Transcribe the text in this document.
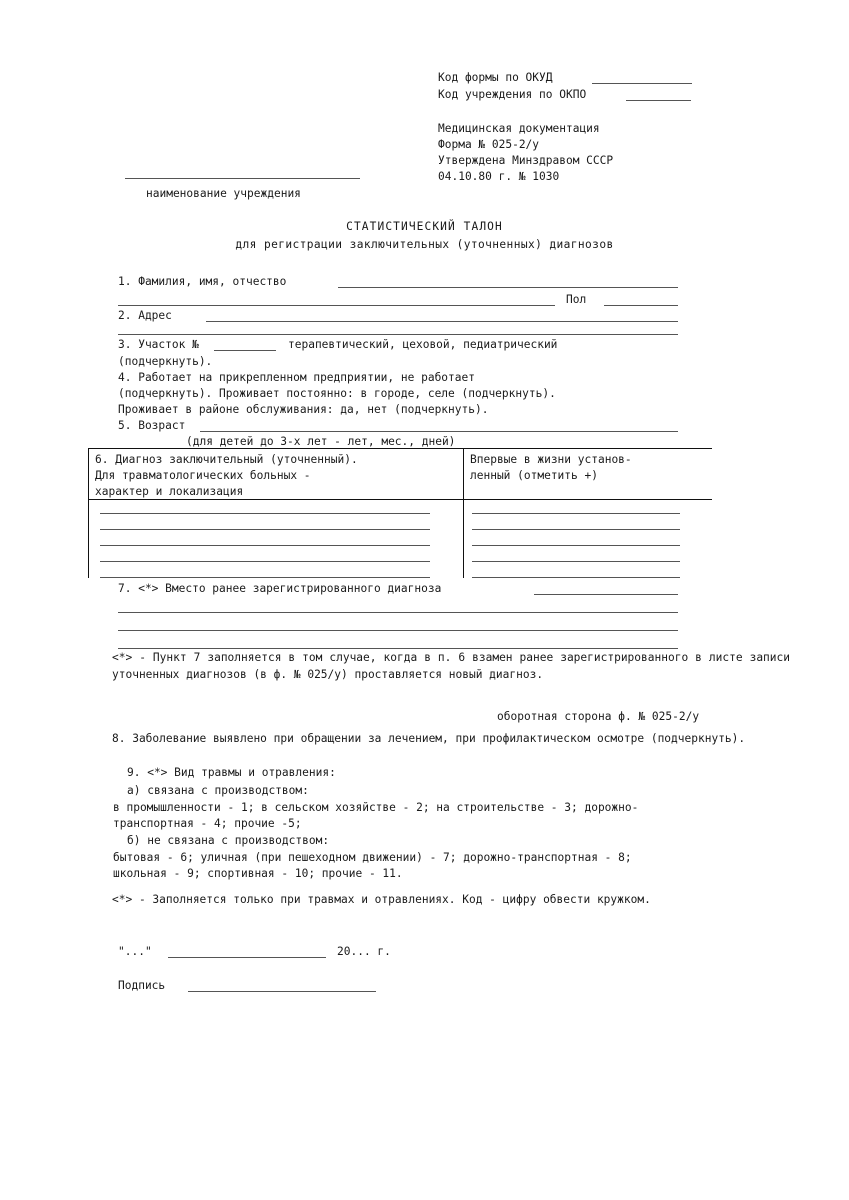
Код формы по ОКУД
Код учреждения по ОКПО
Медицинская документация
Форма № 025-2/у
Утверждена Минздравом СССР
04.10.80 г. № 1030
наименование учреждения
СТАТИСТИЧЕСКИЙ ТАЛОН
для регистрации заключительных (уточненных) диагнозов
1. Фамилия, имя, отчество
Пол
2. Адрес
3. Участок №	терапевтический, цеховой, педиатрический
(подчеркнуть).
4. Работает на прикрепленном предприятии, не работает
(подчеркнуть). Проживает постоянно: в городе, селе (подчеркнуть).
Проживает в районе обслуживания: да, нет (подчеркнуть).
5. Возраст
(для детей до 3-х лет - лет, мес., дней)
6. Диагноз заключительный (уточненный).
Для травматологических больных -
характер и локализация
Впервые в жизни установ-
ленный (отметить +)
7. <*> Вместо ранее зарегистрированного диагноза
<*> - Пункт 7 заполняется в том случае, когда в п. 6 взамен ранее зарегистрированного в листе записи уточненных диагнозов (в ф. № 025/у) проставляется новый диагноз.
оборотная сторона ф. № 025-2/у
8. Заболевание выявлено при обращении за лечением, при профилактическом осмотре (подчеркнуть).
9. <*> Вид травмы и отравления:
а) связана с производством:
в промышленности - 1; в сельском хозяйстве - 2; на строительстве - 3; дорожно-
транспортная - 4; прочие -5;
б) не связана с производством:
бытовая - 6; уличная (при пешеходном движении) - 7; дорожно-транспортная - 8;
школьная - 9; спортивная - 10; прочие - 11.
<*> - Заполняется только при травмах и отравлениях. Код - цифру обвести кружком.
"..."	20... г.
Подпись
